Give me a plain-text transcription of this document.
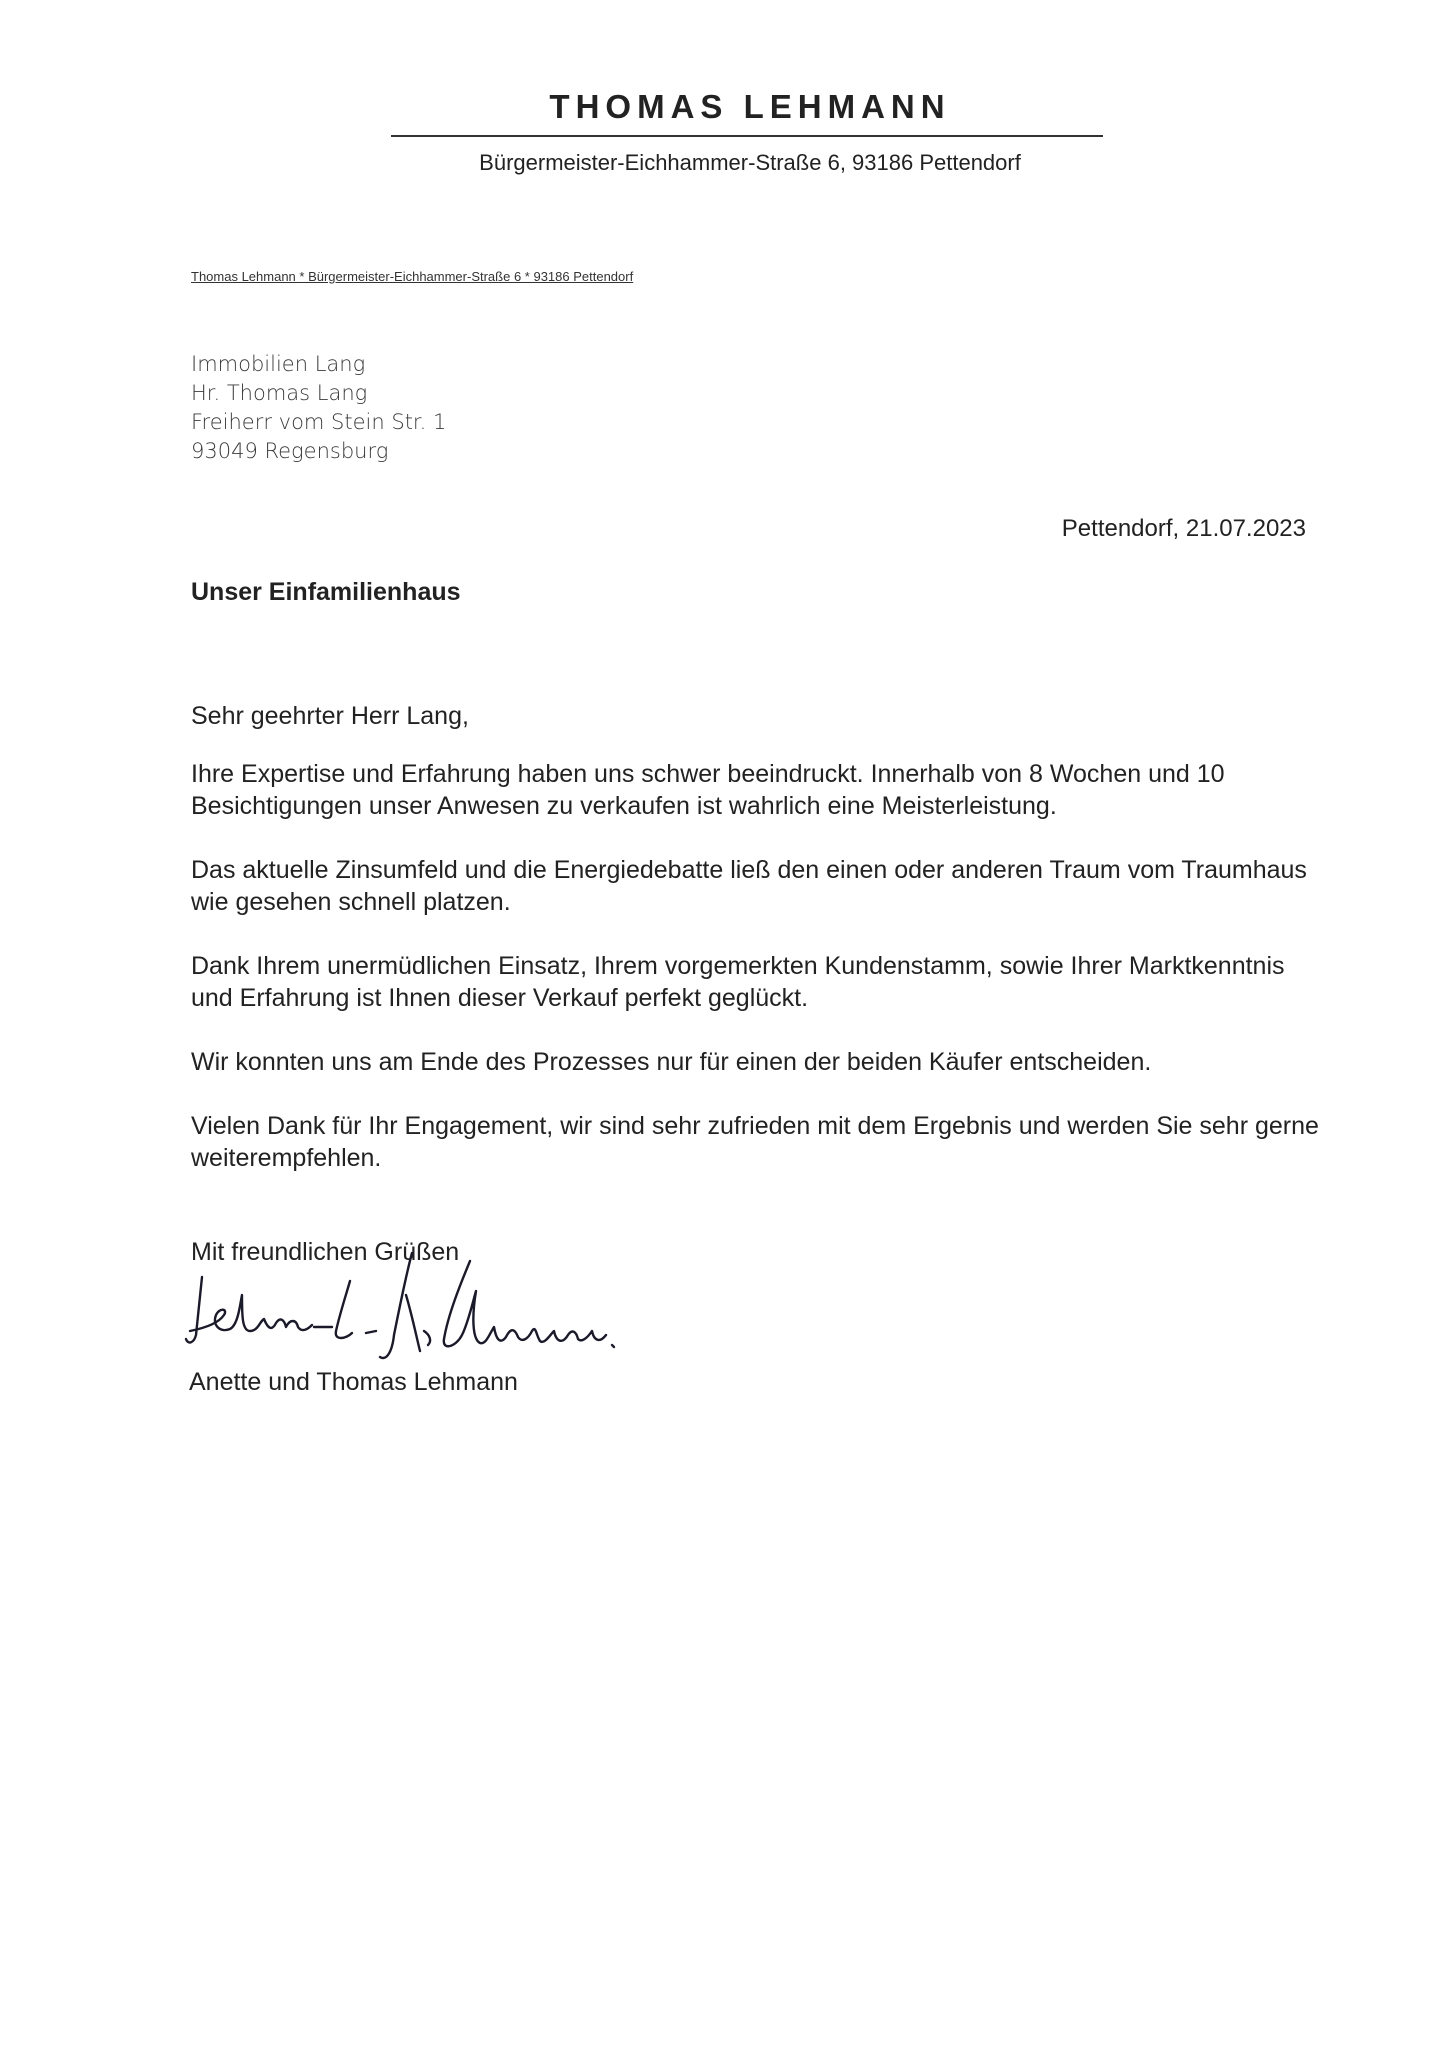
THOMAS LEHMANN
Bürgermeister-Eichhammer-Straße 6, 93186 Pettendorf
Thomas Lehmann * Bürgermeister-Eichhammer-Straße 6 * 93186 Pettendorf
Immobilien Lang
Hr. Thomas Lang
Freiherr vom Stein Str. 1
93049 Regensburg
Pettendorf, 21.07.2023
Unser Einfamilienhaus
Sehr geehrter Herr Lang,

Ihre Expertise und Erfahrung haben uns schwer beeindruckt. Innerhalb von 8 Wochen und 10 Besichtigungen unser Anwesen zu verkaufen ist wahrlich eine Meisterleistung.

Das aktuelle Zinsumfeld und die Energiedebatte ließ den einen oder anderen Traum vom Traumhaus wie gesehen schnell platzen.

Dank Ihrem unermüdlichen Einsatz, Ihrem vorgemerkten Kundenstamm, sowie Ihrer Marktkenntnis und Erfahrung ist Ihnen dieser Verkauf perfekt geglückt.

Wir konnten uns am Ende des Prozesses nur für einen der beiden Käufer entscheiden.

Vielen Dank für Ihr Engagement, wir sind sehr zufrieden mit dem Ergebnis und werden Sie sehr gerne weiterempfehlen.

Mit freundlichen Grüßen
Anette und Thomas Lehmann
